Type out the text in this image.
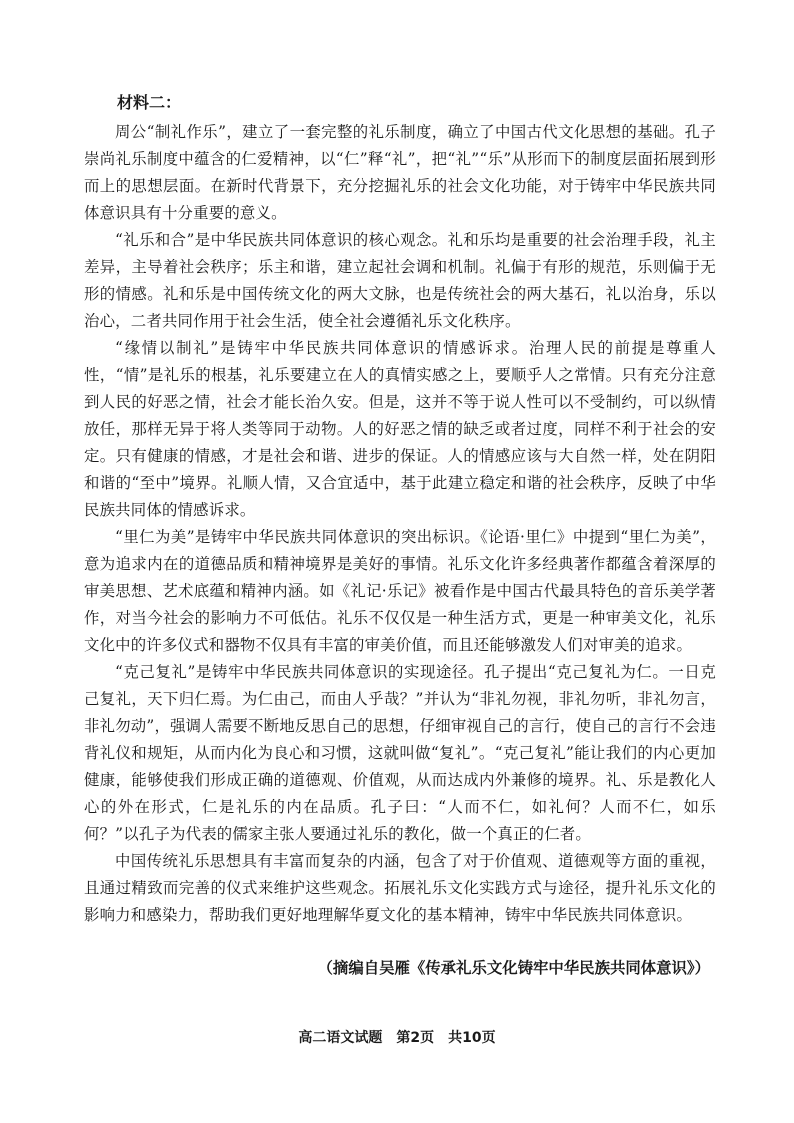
材料二：

周公“制礼作乐”，建立了一套完整的礼乐制度，确立了中国古代文化思想的基础。孔子崇尚礼乐制度中蕴含的仁爱精神，以“仁”释“礼”，把“礼”“乐”从形而下的制度层面拓展到形而上的思想层面。在新时代背景下，充分挖掘礼乐的社会文化功能，对于铸牢中华民族共同体意识具有十分重要的意义。

“礼乐和合”是中华民族共同体意识的核心观念。礼和乐均是重要的社会治理手段，礼主差异，主导着社会秩序；乐主和谐，建立起社会调和机制。礼偏于有形的规范，乐则偏于无形的情感。礼和乐是中国传统文化的两大文脉，也是传统社会的两大基石，礼以治身，乐以治心，二者共同作用于社会生活，使全社会遵循礼乐文化秩序。

“缘情以制礼”是铸牢中华民族共同体意识的情感诉求。治理人民的前提是尊重人性，“情”是礼乐的根基，礼乐要建立在人的真情实感之上，要顺乎人之常情。只有充分注意到人民的好恶之情，社会才能长治久安。但是，这并不等于说人性可以不受制约，可以纵情放任，那样无异于将人类等同于动物。人的好恶之情的缺乏或者过度，同样不利于社会的安定。只有健康的情感，才是社会和谐、进步的保证。人的情感应该与大自然一样，处在阴阳和谐的“至中”境界。礼顺人情，又合宜适中，基于此建立稳定和谐的社会秩序，反映了中华民族共同体的情感诉求。

“里仁为美”是铸牢中华民族共同体意识的突出标识。《论语·里仁》中提到“里仁为美”，意为追求内在的道德品质和精神境界是美好的事情。礼乐文化许多经典著作都蕴含着深厚的审美思想、艺术底蕴和精神内涵。如《礼记·乐记》被看作是中国古代最具特色的音乐美学著作，对当今社会的影响力不可低估。礼乐不仅仅是一种生活方式，更是一种审美文化，礼乐文化中的许多仪式和器物不仅具有丰富的审美价值，而且还能够激发人们对审美的追求。

“克己复礼”是铸牢中华民族共同体意识的实现途径。孔子提出“克己复礼为仁。一日克己复礼，天下归仁焉。为仁由己，而由人乎哉？”并认为“非礼勿视，非礼勿听，非礼勿言，非礼勿动”，强调人需要不断地反思自己的思想，仔细审视自己的言行，使自己的言行不会违背礼仪和规矩，从而内化为良心和习惯，这就叫做“复礼”。“克己复礼”能让我们的内心更加健康，能够使我们形成正确的道德观、价值观，从而达成内外兼修的境界。礼、乐是教化人心的外在形式，仁是礼乐的内在品质。孔子曰：“人而不仁，如礼何？人而不仁，如乐何？”以孔子为代表的儒家主张人要通过礼乐的教化，做一个真正的仁者。

中国传统礼乐思想具有丰富而复杂的内涵，包含了对于价值观、道德观等方面的重视，且通过精致而完善的仪式来维护这些观念。拓展礼乐文化实践方式与途径，提升礼乐文化的影响力和感染力，帮助我们更好地理解华夏文化的基本精神，铸牢中华民族共同体意识。

（摘编自吴雁《传承礼乐文化铸牢中华民族共同体意识》）
高二语文试题　第2页　共10页
